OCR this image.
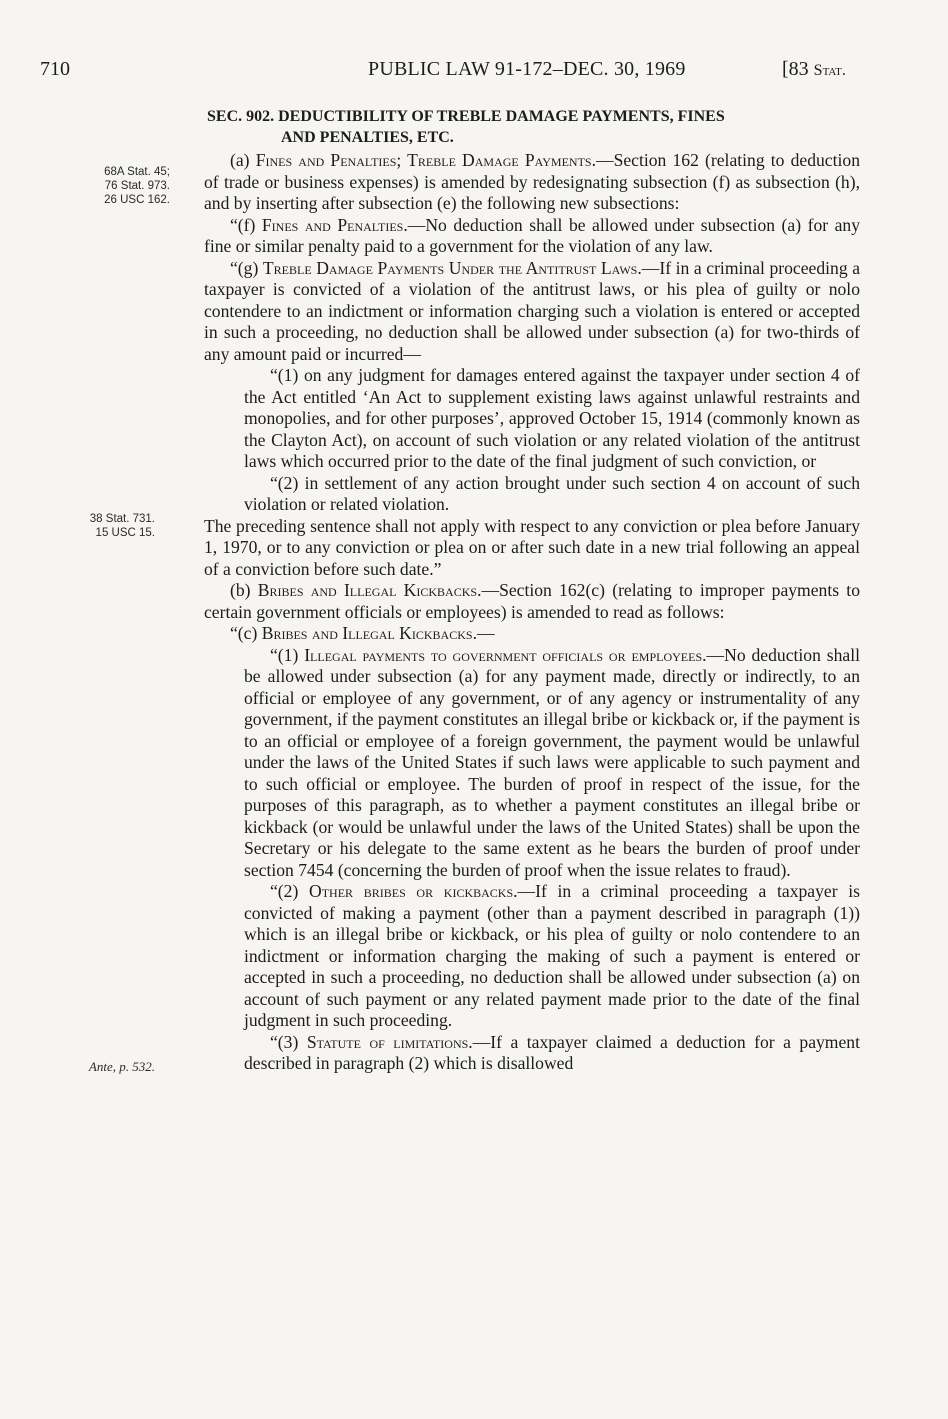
710	PUBLIC LAW 91-172–DEC. 30, 1969	[83 Stat.
SEC. 902. DEDUCTIBILITY OF TREBLE DAMAGE PAYMENTS, FINES
AND PENALTIES, ETC.
68A Stat. 45;
76 Stat. 973.
26 USC 162.
38 Stat. 731.
15 USC 15.
Ante, p. 532.

(a) Fines and Penalties; Treble Damage Payments.—Section 162 (relating to deduction of trade or business expenses) is amended by redesignating subsection (f) as subsection (h), and by inserting after subsection (e) the following new subsections:

“(f) Fines and Penalties.—No deduction shall be allowed under subsection (a) for any fine or similar penalty paid to a government for the violation of any law.

“(g) Treble Damage Payments Under the Antitrust Laws.—If in a criminal proceeding a taxpayer is convicted of a violation of the antitrust laws, or his plea of guilty or nolo contendere to an indictment or information charging such a violation is entered or accepted in such a proceeding, no deduction shall be allowed under subsection (a) for two-thirds of any amount paid or incurred—

“(1) on any judgment for damages entered against the taxpayer under section 4 of the Act entitled ‘An Act to supplement existing laws against unlawful restraints and monopolies, and for other purposes’, approved October 15, 1914 (commonly known as the Clayton Act), on account of such violation or any related violation of the antitrust laws which occurred prior to the date of the final judgment of such conviction, or

“(2) in settlement of any action brought under such section 4 on account of such violation or related violation.

The preceding sentence shall not apply with respect to any conviction or plea before January 1, 1970, or to any conviction or plea on or after such date in a new trial following an appeal of a conviction before such date.”

(b) Bribes and Illegal Kickbacks.—Section 162(c) (relating to improper payments to certain government officials or employees) is amended to read as follows:

“(c) Bribes and Illegal Kickbacks.—

“(1) Illegal payments to government officials or employees.—No deduction shall be allowed under subsection (a) for any payment made, directly or indirectly, to an official or employee of any government, or of any agency or instrumentality of any government, if the payment constitutes an illegal bribe or kickback or, if the payment is to an official or employee of a foreign government, the payment would be unlawful under the laws of the United States if such laws were applicable to such payment and to such official or employee. The burden of proof in respect of the issue, for the purposes of this paragraph, as to whether a payment constitutes an illegal bribe or kickback (or would be unlawful under the laws of the United States) shall be upon the Secretary or his delegate to the same extent as he bears the burden of proof under section 7454 (concerning the burden of proof when the issue relates to fraud).

“(2) Other bribes or kickbacks.—If in a criminal proceeding a taxpayer is convicted of making a payment (other than a payment described in paragraph (1)) which is an illegal bribe or kickback, or his plea of guilty or nolo contendere to an indictment or information charging the making of such a payment is entered or accepted in such a proceeding, no deduction shall be allowed under subsection (a) on account of such payment or any related payment made prior to the date of the final judgment in such proceeding.

“(3) Statute of limitations.—If a taxpayer claimed a deduction for a payment described in paragraph (2) which is disallowed
